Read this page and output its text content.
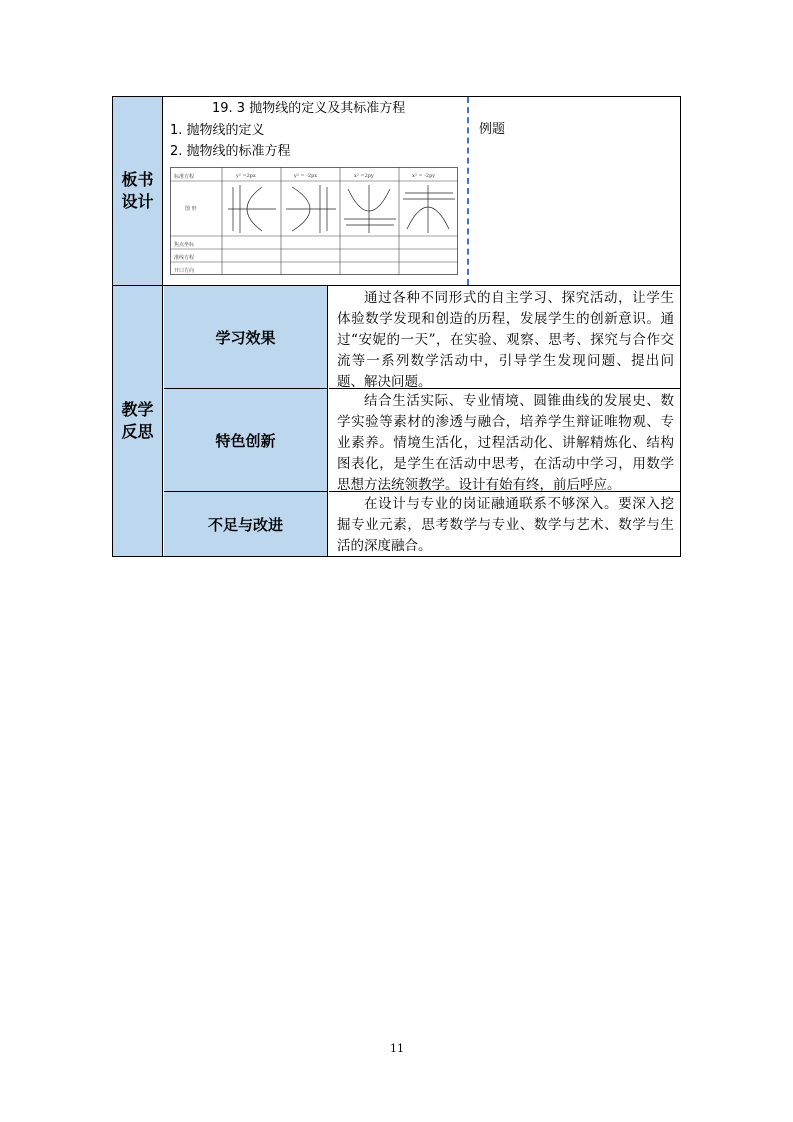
板书
设计
19. 3 抛物线的定义及其标准方程
1. 抛物线的定义
2. 抛物线的标准方程
标准方程	y² =2px	y² = -2px	x² =2py	x² = -2py
图 形
焦点坐标
准线方程
开口方向
例题
教学
反思
学习效果
通过各种不同形式的自主学习、探究活动，让学生体验数学发现和创造的历程，发展学生的创新意识。通过“安妮的一天”，在实验、观察、思考、探究与合作交流等一系列数学活动中，引导学生发现问题、提出问题、解决问题。
特色创新
结合生活实际、专业情境、圆锥曲线的发展史、数学实验等素材的渗透与融合，培养学生辩证唯物观、专业素养。情境生活化，过程活动化、讲解精炼化、结构图表化，是学生在活动中思考，在活动中学习，用数学思想方法统领教学。设计有始有终，前后呼应。
不足与改进
在设计与专业的岗证融通联系不够深入。要深入挖掘专业元素，思考数学与专业、数学与艺术、数学与生活的深度融合。
11
